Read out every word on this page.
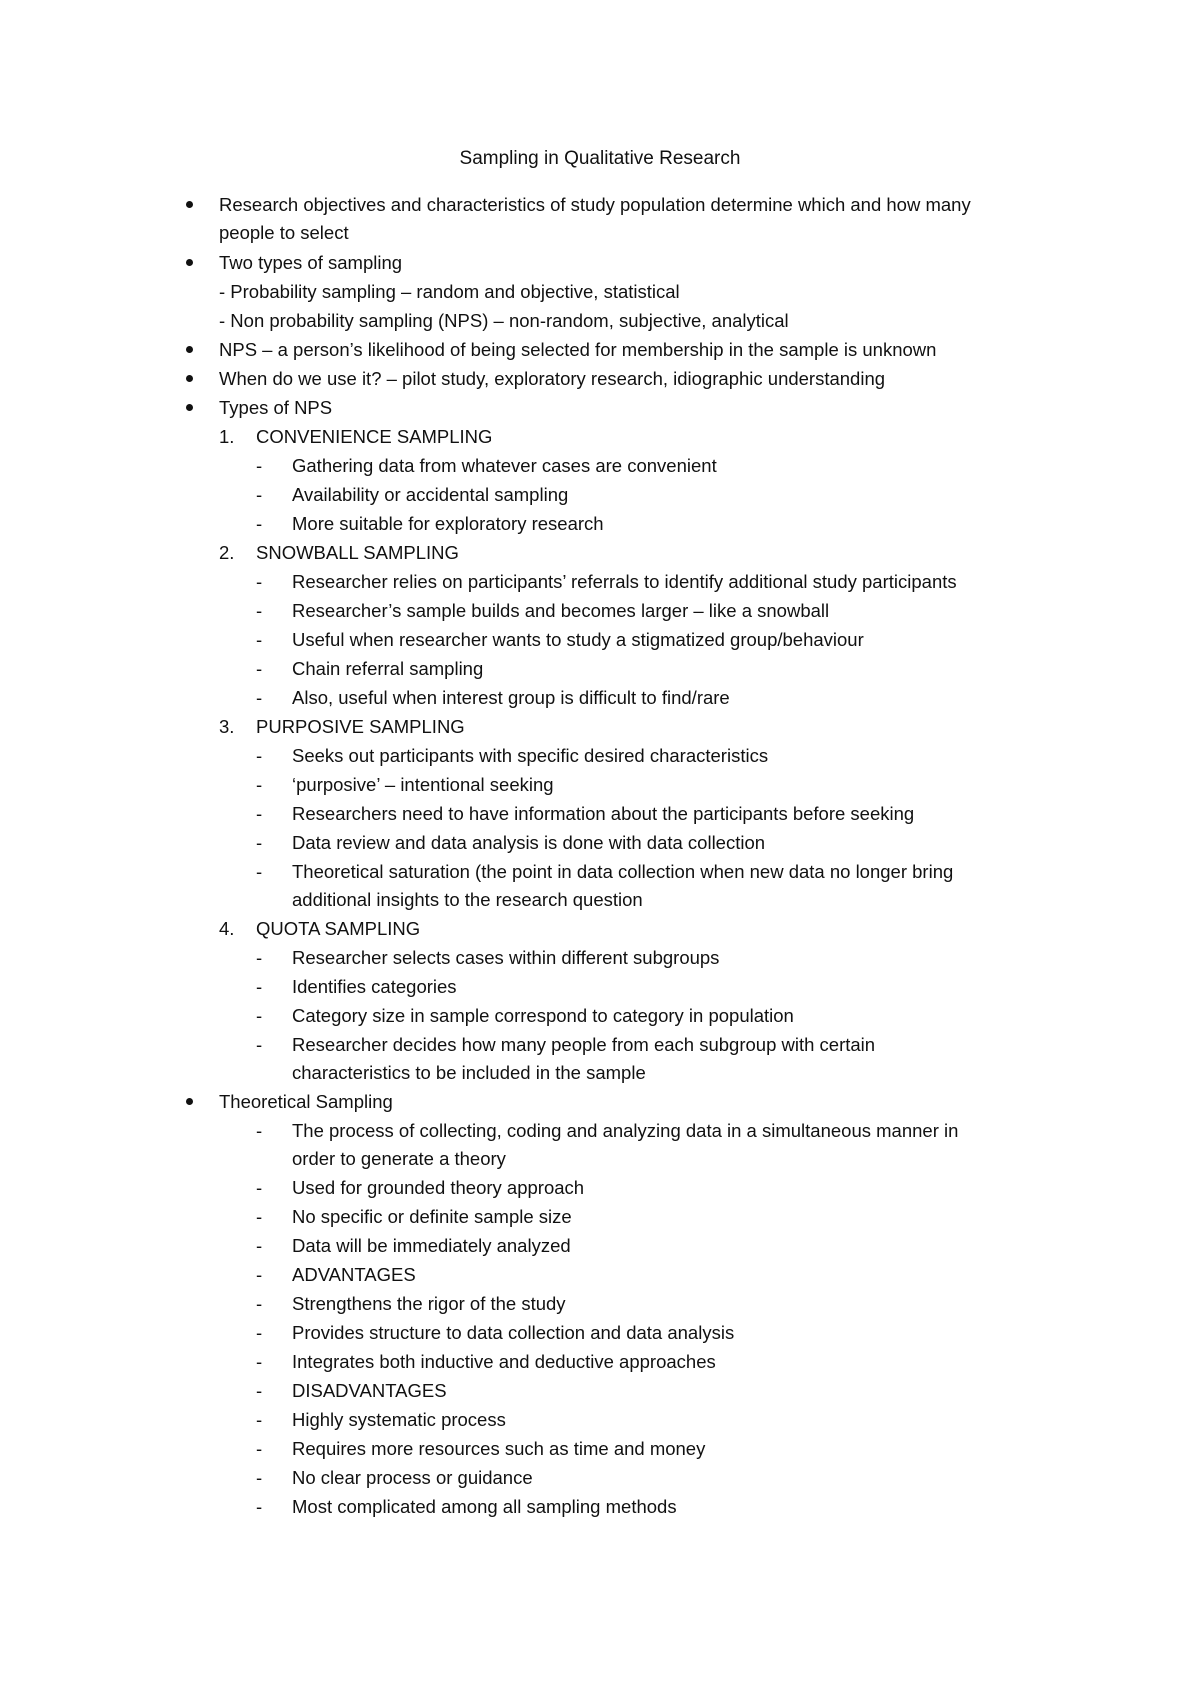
Sampling in Qualitative Research
Research objectives and characteristics of study population determine which and how many
people to select
Two types of sampling
- Probability sampling – random and objective, statistical
- Non probability sampling (NPS) – non-random, subjective, analytical
NPS – a person’s likelihood of being selected for membership in the sample is unknown
When do we use it? – pilot study, exploratory research, idiographic understanding
Types of NPS
1. CONVENIENCE SAMPLING
- Gathering data from whatever cases are convenient
- Availability or accidental sampling
- More suitable for exploratory research
2. SNOWBALL SAMPLING
- Researcher relies on participants’ referrals to identify additional study participants
- Researcher’s sample builds and becomes larger – like a snowball
- Useful when researcher wants to study a stigmatized group/behaviour
- Chain referral sampling
- Also, useful when interest group is difficult to find/rare
3. PURPOSIVE SAMPLING
- Seeks out participants with specific desired characteristics
- ‘purposive’ – intentional seeking
- Researchers need to have information about the participants before seeking
- Data review and data analysis is done with data collection
- Theoretical saturation (the point in data collection when new data no longer bring
additional insights to the research question
4. QUOTA SAMPLING
- Researcher selects cases within different subgroups
- Identifies categories
- Category size in sample correspond to category in population
- Researcher decides how many people from each subgroup with certain
characteristics to be included in the sample
Theoretical Sampling
- The process of collecting, coding and analyzing data in a simultaneous manner in
order to generate a theory
- Used for grounded theory approach
- No specific or definite sample size
- Data will be immediately analyzed
- ADVANTAGES
- Strengthens the rigor of the study
- Provides structure to data collection and data analysis
- Integrates both inductive and deductive approaches
- DISADVANTAGES
- Highly systematic process
- Requires more resources such as time and money
- No clear process or guidance
- Most complicated among all sampling methods
